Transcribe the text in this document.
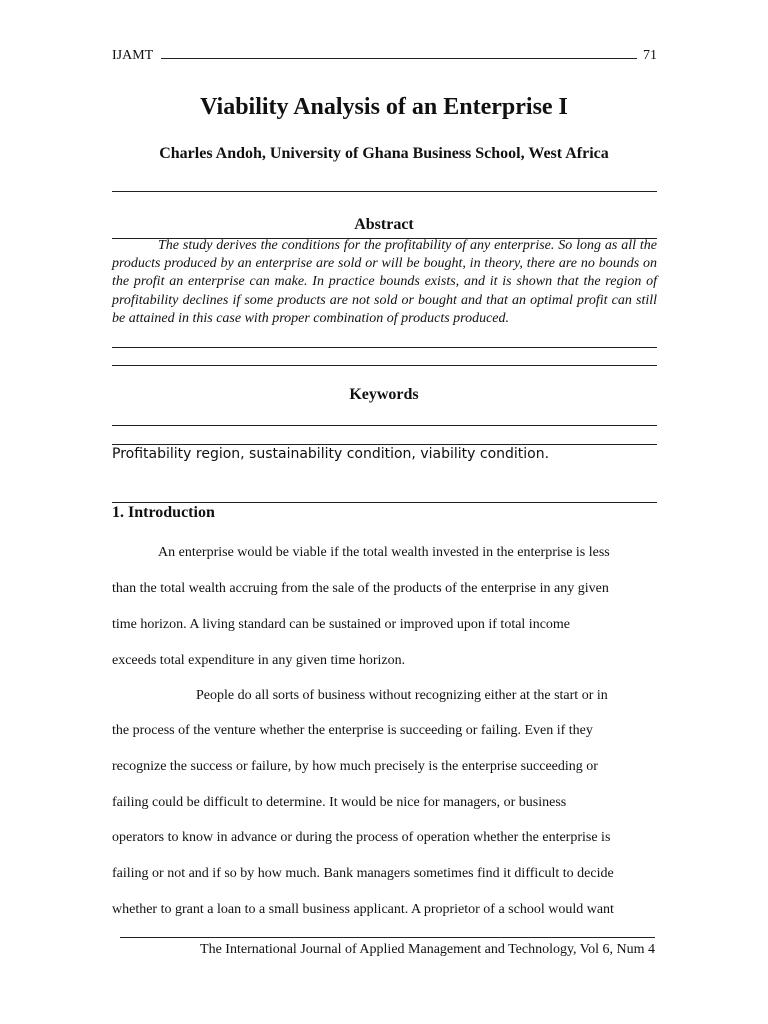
IJAMT	71
Viability Analysis of an Enterprise I
Charles Andoh, University of Ghana Business School, West Africa
Abstract
The study derives the conditions for the profitability of any enterprise. So long as all the products produced by an enterprise are sold or will be bought, in theory, there are no bounds on the profit an enterprise can make. In practice bounds exists, and it is shown that the region of profitability declines if some products are not sold or bought and that an optimal profit can still be attained in this case with proper combination of products produced.
Keywords
Profitability region, sustainability condition, viability condition.
1. Introduction
An enterprise would be viable if the total wealth invested in the enterprise is less
than the total wealth accruing from the sale of the products of the enterprise in any given
time horizon. A living standard can be sustained or improved upon if total income
exceeds total expenditure in any given time horizon.
People do all sorts of business without recognizing either at the start or in
the process of the venture whether the enterprise is succeeding or failing. Even if they
recognize the success or failure, by how much precisely is the enterprise succeeding or
failing could be difficult to determine. It would be nice for managers, or business
operators to know in advance or during the process of operation whether the enterprise is
failing or not and if so by how much. Bank managers sometimes find it difficult to decide
whether to grant a loan to a small business applicant. A proprietor of a school would want
The International Journal of Applied Management and Technology, Vol 6, Num 4
